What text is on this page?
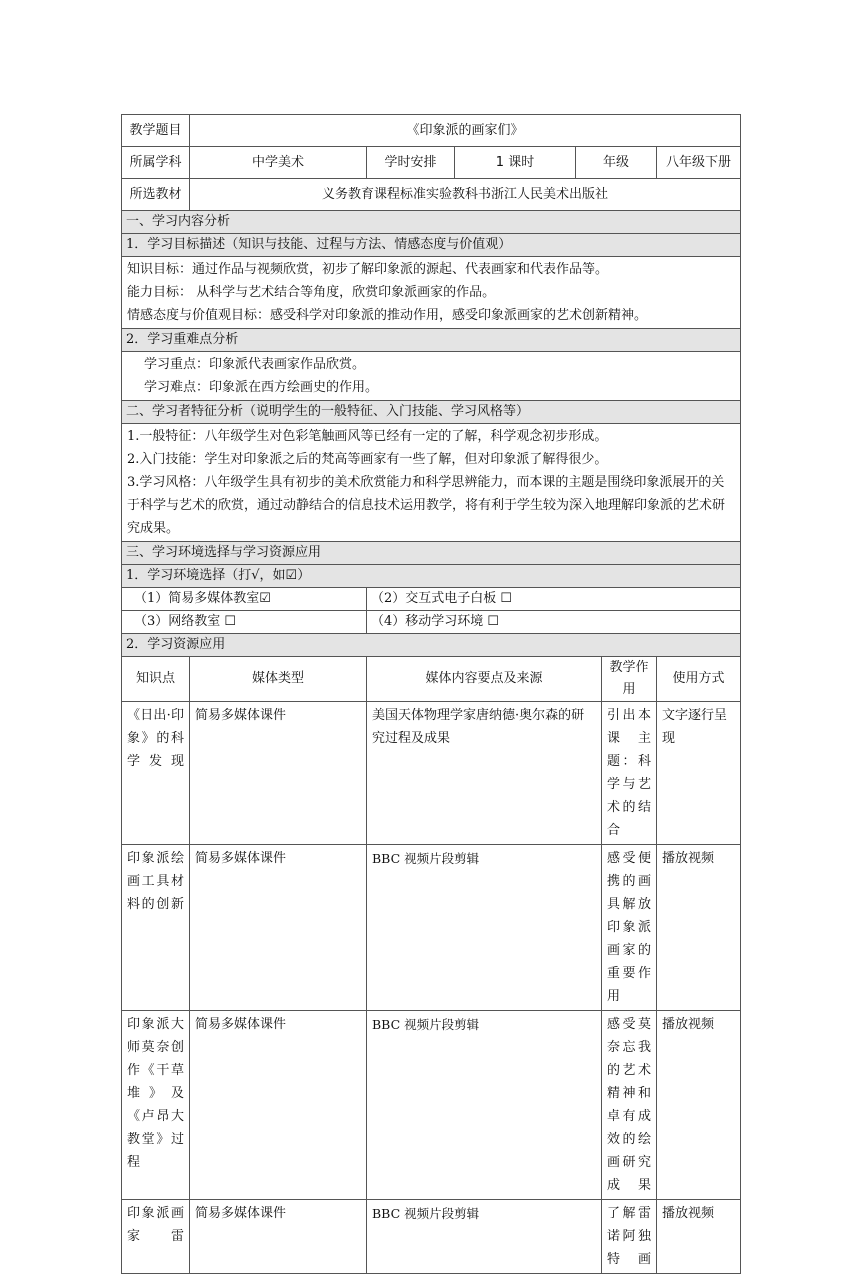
教学题目	《印象派的画家们》					
所属学科	中学美术	学时安排	1 课时	年级		八年级下册
所选教材	义务教育课程标准实验教科书浙江人民美术出版社					
一、学习内容分析						
1．学习目标描述（知识与技能、过程与方法、情感态度与价值观）						

知识目标：通过作品与视频欣赏，初步了解印象派的源起、代表画家和代表作品等。
能力目标： 从科学与艺术结合等角度，欣赏印象派画家的作品。
情感态度与价值观目标：感受科学对印象派的推动作用，感受印象派画家的艺术创新精神。						

2．学习重难点分析						

学习重点：印象派代表画家作品欣赏。
学习难点：印象派在西方绘画史的作用。						

二、学习者特征分析（说明学生的一般特征、入门技能、学习风格等）						

1.一般特征：八年级学生对色彩笔触画风等已经有一定的了解，科学观念初步形成。
2.入门技能：学生对印象派之后的梵高等画家有一些了解，但对印象派了解得很少。
3.学习风格：八年级学生具有初步的美术欣赏能力和科学思辨能力，而本课的主题是围绕印象派展开的关于科学与艺术的欣赏，通过动静结合的信息技术运用教学，将有利于学生较为深入地理解印象派的艺术研究成果。						

三、学习环境选择与学习资源应用						
1．学习环境选择（打√，如☑）						
（1）简易多媒体教室☑		（2）交互式电子白板 ☐				
（3）网络教室 ☐		（4）移动学习环境 ☐				
2．学习资源应用						
知识点	媒体类型	媒体内容要点及来源			教学作用	使用方式
《日出·印象》的科学发现	简易多媒体课件	美国天体物理学家唐纳德·奥尔森的研究过程及成果			引出本课主题：科学与艺术的结合	文字逐行呈现
印象派绘画工具材料的创新	简易多媒体课件	BBC 视频片段剪辑			感受便携的画具解放印象派画家的重要作用	播放视频
印象派大师莫奈创作《干草堆》及《卢昂大教堂》过程	简易多媒体课件	BBC 视频片段剪辑			感受莫奈忘我的艺术精神和卓有成效的绘画研究成果	播放视频
印象派画家雷	简易多媒体课件	BBC 视频片段剪辑			了解雷诺阿独特画	播放视频
